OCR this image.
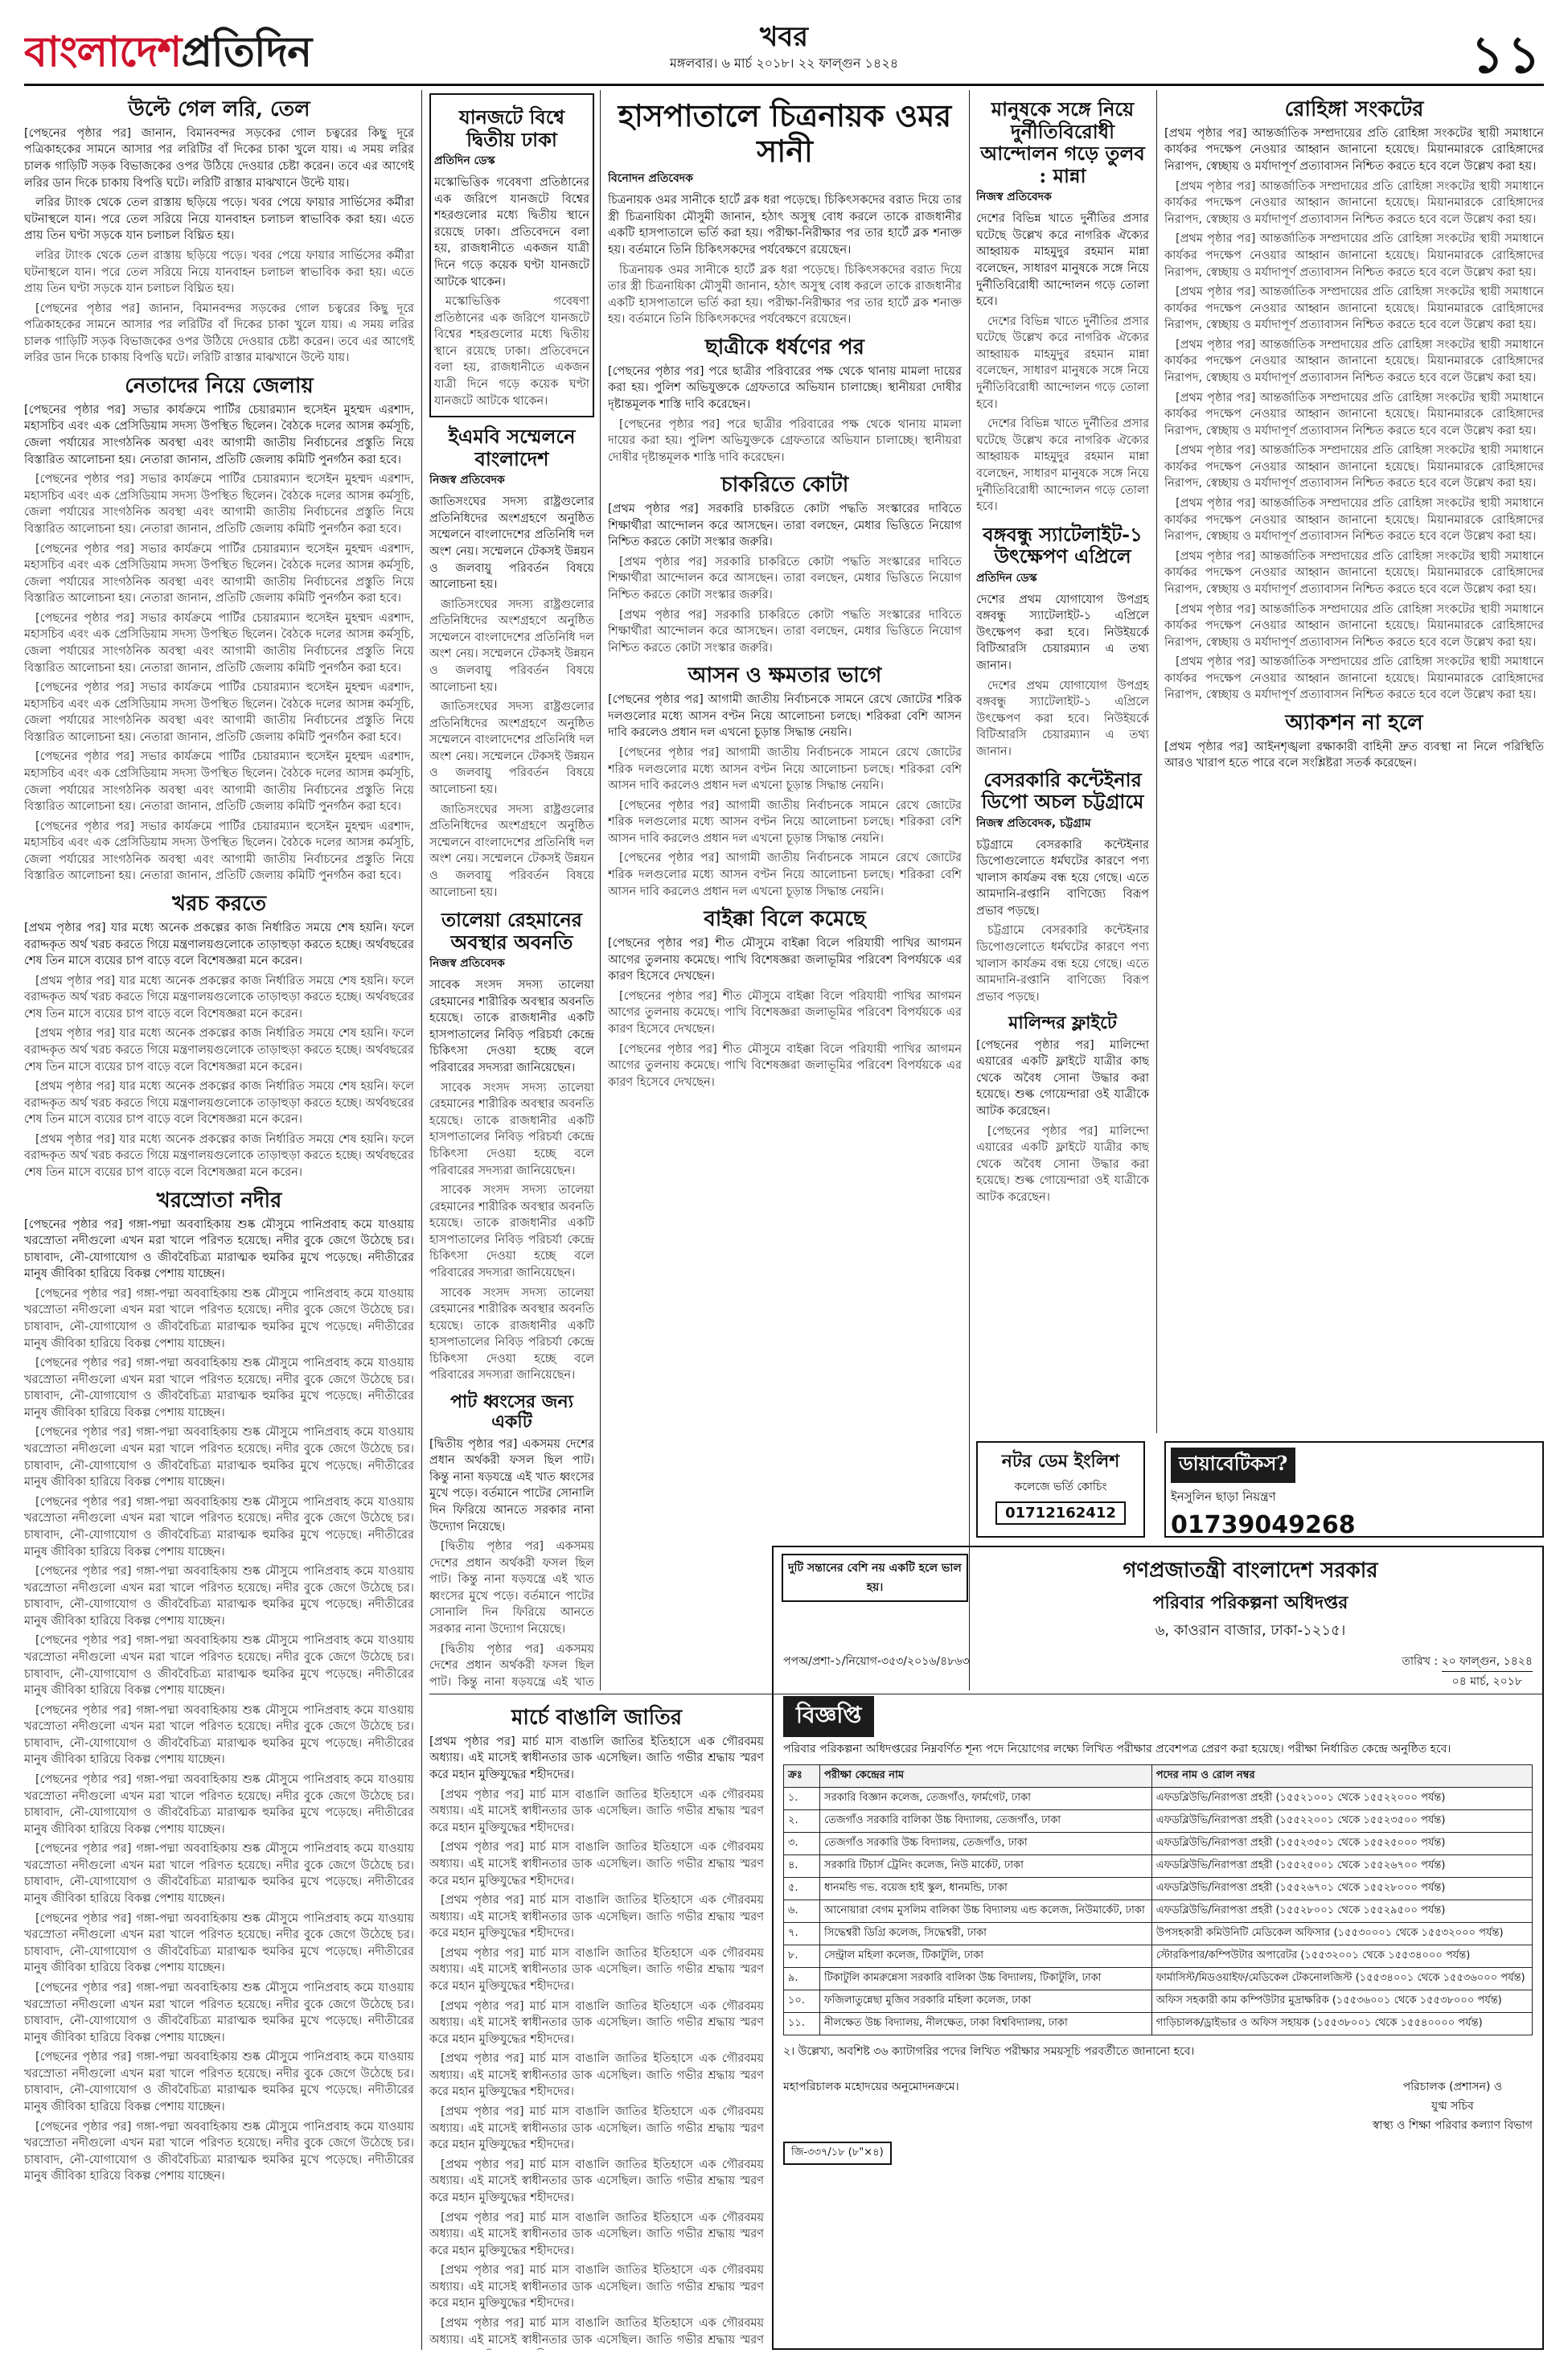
বাংলাদেশপ্রতিদিন	খবর
মঙ্গলবার। ৬ মার্চ ২০১৮। ২২ ফাল্গুন ১৪২৪	১১
উল্টে গেল লরি, তেল

[পেছনের পৃষ্ঠার পর] জানান, বিমানবন্দর সড়কের গোল চত্বরের কিছু দূরে পত্রিকাহকের সামনে আসার পর লরিটির বাঁ দিকের চাকা খুলে যায়। এ সময় লরির চালক গাড়িটি সড়ক বিভাজকের ওপর উঠিয়ে দেওয়ার চেষ্টা করেন। তবে এর আগেই লরির ডান দিকে চাকায় বিপত্তি ঘটে। লরিটি রাস্তার মাঝখানে উল্টে যায়।

লরির ট্যাংক থেকে তেল রাস্তায় ছড়িয়ে পড়ে। খবর পেয়ে ফায়ার সার্ভিসের কর্মীরা ঘটনাস্থলে যান। পরে তেল সরিয়ে নিয়ে যানবাহন চলাচল স্বাভাবিক করা হয়। এতে প্রায় তিন ঘণ্টা সড়কে যান চলাচল বিঘ্নিত হয়।

লরির ট্যাংক থেকে তেল রাস্তায় ছড়িয়ে পড়ে। খবর পেয়ে ফায়ার সার্ভিসের কর্মীরা ঘটনাস্থলে যান। পরে তেল সরিয়ে নিয়ে যানবাহন চলাচল স্বাভাবিক করা হয়। এতে প্রায় তিন ঘণ্টা সড়কে যান চলাচল বিঘ্নিত হয়।

[পেছনের পৃষ্ঠার পর] জানান, বিমানবন্দর সড়কের গোল চত্বরের কিছু দূরে পত্রিকাহকের সামনে আসার পর লরিটির বাঁ দিকের চাকা খুলে যায়। এ সময় লরির চালক গাড়িটি সড়ক বিভাজকের ওপর উঠিয়ে দেওয়ার চেষ্টা করেন। তবে এর আগেই লরির ডান দিকে চাকায় বিপত্তি ঘটে। লরিটি রাস্তার মাঝখানে উল্টে যায়।

নেতাদের নিয়ে জেলায়

[পেছনের পৃষ্ঠার পর] সভার কার্যক্রমে পার্টির চেয়ারম্যান হুসেইন মুহম্মদ এরশাদ, মহাসচিব এবং এক প্রেসিডিয়াম সদস্য উপস্থিত ছিলেন। বৈঠকে দলের আসন্ন কর্মসূচি, জেলা পর্যায়ের সাংগঠনিক অবস্থা এবং আগামী জাতীয় নির্বাচনের প্রস্তুতি নিয়ে বিস্তারিত আলোচনা হয়। নেতারা জানান, প্রতিটি জেলায় কমিটি পুনর্গঠন করা হবে।

[পেছনের পৃষ্ঠার পর] সভার কার্যক্রমে পার্টির চেয়ারম্যান হুসেইন মুহম্মদ এরশাদ, মহাসচিব এবং এক প্রেসিডিয়াম সদস্য উপস্থিত ছিলেন। বৈঠকে দলের আসন্ন কর্মসূচি, জেলা পর্যায়ের সাংগঠনিক অবস্থা এবং আগামী জাতীয় নির্বাচনের প্রস্তুতি নিয়ে বিস্তারিত আলোচনা হয়। নেতারা জানান, প্রতিটি জেলায় কমিটি পুনর্গঠন করা হবে।

[পেছনের পৃষ্ঠার পর] সভার কার্যক্রমে পার্টির চেয়ারম্যান হুসেইন মুহম্মদ এরশাদ, মহাসচিব এবং এক প্রেসিডিয়াম সদস্য উপস্থিত ছিলেন। বৈঠকে দলের আসন্ন কর্মসূচি, জেলা পর্যায়ের সাংগঠনিক অবস্থা এবং আগামী জাতীয় নির্বাচনের প্রস্তুতি নিয়ে বিস্তারিত আলোচনা হয়। নেতারা জানান, প্রতিটি জেলায় কমিটি পুনর্গঠন করা হবে।

[পেছনের পৃষ্ঠার পর] সভার কার্যক্রমে পার্টির চেয়ারম্যান হুসেইন মুহম্মদ এরশাদ, মহাসচিব এবং এক প্রেসিডিয়াম সদস্য উপস্থিত ছিলেন। বৈঠকে দলের আসন্ন কর্মসূচি, জেলা পর্যায়ের সাংগঠনিক অবস্থা এবং আগামী জাতীয় নির্বাচনের প্রস্তুতি নিয়ে বিস্তারিত আলোচনা হয়। নেতারা জানান, প্রতিটি জেলায় কমিটি পুনর্গঠন করা হবে।

[পেছনের পৃষ্ঠার পর] সভার কার্যক্রমে পার্টির চেয়ারম্যান হুসেইন মুহম্মদ এরশাদ, মহাসচিব এবং এক প্রেসিডিয়াম সদস্য উপস্থিত ছিলেন। বৈঠকে দলের আসন্ন কর্মসূচি, জেলা পর্যায়ের সাংগঠনিক অবস্থা এবং আগামী জাতীয় নির্বাচনের প্রস্তুতি নিয়ে বিস্তারিত আলোচনা হয়। নেতারা জানান, প্রতিটি জেলায় কমিটি পুনর্গঠন করা হবে।

[পেছনের পৃষ্ঠার পর] সভার কার্যক্রমে পার্টির চেয়ারম্যান হুসেইন মুহম্মদ এরশাদ, মহাসচিব এবং এক প্রেসিডিয়াম সদস্য উপস্থিত ছিলেন। বৈঠকে দলের আসন্ন কর্মসূচি, জেলা পর্যায়ের সাংগঠনিক অবস্থা এবং আগামী জাতীয় নির্বাচনের প্রস্তুতি নিয়ে বিস্তারিত আলোচনা হয়। নেতারা জানান, প্রতিটি জেলায় কমিটি পুনর্গঠন করা হবে।

[পেছনের পৃষ্ঠার পর] সভার কার্যক্রমে পার্টির চেয়ারম্যান হুসেইন মুহম্মদ এরশাদ, মহাসচিব এবং এক প্রেসিডিয়াম সদস্য উপস্থিত ছিলেন। বৈঠকে দলের আসন্ন কর্মসূচি, জেলা পর্যায়ের সাংগঠনিক অবস্থা এবং আগামী জাতীয় নির্বাচনের প্রস্তুতি নিয়ে বিস্তারিত আলোচনা হয়। নেতারা জানান, প্রতিটি জেলায় কমিটি পুনর্গঠন করা হবে।

খরচ করতে

[প্রথম পৃষ্ঠার পর] যার মধ্যে অনেক প্রকল্পের কাজ নির্ধারিত সময়ে শেষ হয়নি। ফলে বরাদ্দকৃত অর্থ খরচ করতে গিয়ে মন্ত্রণালয়গুলোকে তাড়াহুড়া করতে হচ্ছে। অর্থবছরের শেষ তিন মাসে ব্যয়ের চাপ বাড়ে বলে বিশেষজ্ঞরা মনে করেন।

[প্রথম পৃষ্ঠার পর] যার মধ্যে অনেক প্রকল্পের কাজ নির্ধারিত সময়ে শেষ হয়নি। ফলে বরাদ্দকৃত অর্থ খরচ করতে গিয়ে মন্ত্রণালয়গুলোকে তাড়াহুড়া করতে হচ্ছে। অর্থবছরের শেষ তিন মাসে ব্যয়ের চাপ বাড়ে বলে বিশেষজ্ঞরা মনে করেন।

[প্রথম পৃষ্ঠার পর] যার মধ্যে অনেক প্রকল্পের কাজ নির্ধারিত সময়ে শেষ হয়নি। ফলে বরাদ্দকৃত অর্থ খরচ করতে গিয়ে মন্ত্রণালয়গুলোকে তাড়াহুড়া করতে হচ্ছে। অর্থবছরের শেষ তিন মাসে ব্যয়ের চাপ বাড়ে বলে বিশেষজ্ঞরা মনে করেন।

[প্রথম পৃষ্ঠার পর] যার মধ্যে অনেক প্রকল্পের কাজ নির্ধারিত সময়ে শেষ হয়নি। ফলে বরাদ্দকৃত অর্থ খরচ করতে গিয়ে মন্ত্রণালয়গুলোকে তাড়াহুড়া করতে হচ্ছে। অর্থবছরের শেষ তিন মাসে ব্যয়ের চাপ বাড়ে বলে বিশেষজ্ঞরা মনে করেন।

[প্রথম পৃষ্ঠার পর] যার মধ্যে অনেক প্রকল্পের কাজ নির্ধারিত সময়ে শেষ হয়নি। ফলে বরাদ্দকৃত অর্থ খরচ করতে গিয়ে মন্ত্রণালয়গুলোকে তাড়াহুড়া করতে হচ্ছে। অর্থবছরের শেষ তিন মাসে ব্যয়ের চাপ বাড়ে বলে বিশেষজ্ঞরা মনে করেন।

খরস্রোতা নদীর

[পেছনের পৃষ্ঠার পর] গঙ্গা-পদ্মা অববাহিকায় শুষ্ক মৌসুমে পানিপ্রবাহ কমে যাওয়ায় খরস্রোতা নদীগুলো এখন মরা খালে পরিণত হয়েছে। নদীর বুকে জেগে উঠেছে চর। চাষাবাদ, নৌ-যোগাযোগ ও জীববৈচিত্র্য মারাত্মক হুমকির মুখে পড়েছে। নদীতীরের মানুষ জীবিকা হারিয়ে বিকল্প পেশায় যাচ্ছেন।

[পেছনের পৃষ্ঠার পর] গঙ্গা-পদ্মা অববাহিকায় শুষ্ক মৌসুমে পানিপ্রবাহ কমে যাওয়ায় খরস্রোতা নদীগুলো এখন মরা খালে পরিণত হয়েছে। নদীর বুকে জেগে উঠেছে চর। চাষাবাদ, নৌ-যোগাযোগ ও জীববৈচিত্র্য মারাত্মক হুমকির মুখে পড়েছে। নদীতীরের মানুষ জীবিকা হারিয়ে বিকল্প পেশায় যাচ্ছেন।

[পেছনের পৃষ্ঠার পর] গঙ্গা-পদ্মা অববাহিকায় শুষ্ক মৌসুমে পানিপ্রবাহ কমে যাওয়ায় খরস্রোতা নদীগুলো এখন মরা খালে পরিণত হয়েছে। নদীর বুকে জেগে উঠেছে চর। চাষাবাদ, নৌ-যোগাযোগ ও জীববৈচিত্র্য মারাত্মক হুমকির মুখে পড়েছে। নদীতীরের মানুষ জীবিকা হারিয়ে বিকল্প পেশায় যাচ্ছেন।

[পেছনের পৃষ্ঠার পর] গঙ্গা-পদ্মা অববাহিকায় শুষ্ক মৌসুমে পানিপ্রবাহ কমে যাওয়ায় খরস্রোতা নদীগুলো এখন মরা খালে পরিণত হয়েছে। নদীর বুকে জেগে উঠেছে চর। চাষাবাদ, নৌ-যোগাযোগ ও জীববৈচিত্র্য মারাত্মক হুমকির মুখে পড়েছে। নদীতীরের মানুষ জীবিকা হারিয়ে বিকল্প পেশায় যাচ্ছেন।

[পেছনের পৃষ্ঠার পর] গঙ্গা-পদ্মা অববাহিকায় শুষ্ক মৌসুমে পানিপ্রবাহ কমে যাওয়ায় খরস্রোতা নদীগুলো এখন মরা খালে পরিণত হয়েছে। নদীর বুকে জেগে উঠেছে চর। চাষাবাদ, নৌ-যোগাযোগ ও জীববৈচিত্র্য মারাত্মক হুমকির মুখে পড়েছে। নদীতীরের মানুষ জীবিকা হারিয়ে বিকল্প পেশায় যাচ্ছেন।

[পেছনের পৃষ্ঠার পর] গঙ্গা-পদ্মা অববাহিকায় শুষ্ক মৌসুমে পানিপ্রবাহ কমে যাওয়ায় খরস্রোতা নদীগুলো এখন মরা খালে পরিণত হয়েছে। নদীর বুকে জেগে উঠেছে চর। চাষাবাদ, নৌ-যোগাযোগ ও জীববৈচিত্র্য মারাত্মক হুমকির মুখে পড়েছে। নদীতীরের মানুষ জীবিকা হারিয়ে বিকল্প পেশায় যাচ্ছেন।

[পেছনের পৃষ্ঠার পর] গঙ্গা-পদ্মা অববাহিকায় শুষ্ক মৌসুমে পানিপ্রবাহ কমে যাওয়ায় খরস্রোতা নদীগুলো এখন মরা খালে পরিণত হয়েছে। নদীর বুকে জেগে উঠেছে চর। চাষাবাদ, নৌ-যোগাযোগ ও জীববৈচিত্র্য মারাত্মক হুমকির মুখে পড়েছে। নদীতীরের মানুষ জীবিকা হারিয়ে বিকল্প পেশায় যাচ্ছেন।

[পেছনের পৃষ্ঠার পর] গঙ্গা-পদ্মা অববাহিকায় শুষ্ক মৌসুমে পানিপ্রবাহ কমে যাওয়ায় খরস্রোতা নদীগুলো এখন মরা খালে পরিণত হয়েছে। নদীর বুকে জেগে উঠেছে চর। চাষাবাদ, নৌ-যোগাযোগ ও জীববৈচিত্র্য মারাত্মক হুমকির মুখে পড়েছে। নদীতীরের মানুষ জীবিকা হারিয়ে বিকল্প পেশায় যাচ্ছেন।

[পেছনের পৃষ্ঠার পর] গঙ্গা-পদ্মা অববাহিকায় শুষ্ক মৌসুমে পানিপ্রবাহ কমে যাওয়ায় খরস্রোতা নদীগুলো এখন মরা খালে পরিণত হয়েছে। নদীর বুকে জেগে উঠেছে চর। চাষাবাদ, নৌ-যোগাযোগ ও জীববৈচিত্র্য মারাত্মক হুমকির মুখে পড়েছে। নদীতীরের মানুষ জীবিকা হারিয়ে বিকল্প পেশায় যাচ্ছেন।

[পেছনের পৃষ্ঠার পর] গঙ্গা-পদ্মা অববাহিকায় শুষ্ক মৌসুমে পানিপ্রবাহ কমে যাওয়ায় খরস্রোতা নদীগুলো এখন মরা খালে পরিণত হয়েছে। নদীর বুকে জেগে উঠেছে চর। চাষাবাদ, নৌ-যোগাযোগ ও জীববৈচিত্র্য মারাত্মক হুমকির মুখে পড়েছে। নদীতীরের মানুষ জীবিকা হারিয়ে বিকল্প পেশায় যাচ্ছেন।

[পেছনের পৃষ্ঠার পর] গঙ্গা-পদ্মা অববাহিকায় শুষ্ক মৌসুমে পানিপ্রবাহ কমে যাওয়ায় খরস্রোতা নদীগুলো এখন মরা খালে পরিণত হয়েছে। নদীর বুকে জেগে উঠেছে চর। চাষাবাদ, নৌ-যোগাযোগ ও জীববৈচিত্র্য মারাত্মক হুমকির মুখে পড়েছে। নদীতীরের মানুষ জীবিকা হারিয়ে বিকল্প পেশায় যাচ্ছেন।

[পেছনের পৃষ্ঠার পর] গঙ্গা-পদ্মা অববাহিকায় শুষ্ক মৌসুমে পানিপ্রবাহ কমে যাওয়ায় খরস্রোতা নদীগুলো এখন মরা খালে পরিণত হয়েছে। নদীর বুকে জেগে উঠেছে চর। চাষাবাদ, নৌ-যোগাযোগ ও জীববৈচিত্র্য মারাত্মক হুমকির মুখে পড়েছে। নদীতীরের মানুষ জীবিকা হারিয়ে বিকল্প পেশায় যাচ্ছেন।

[পেছনের পৃষ্ঠার পর] গঙ্গা-পদ্মা অববাহিকায় শুষ্ক মৌসুমে পানিপ্রবাহ কমে যাওয়ায় খরস্রোতা নদীগুলো এখন মরা খালে পরিণত হয়েছে। নদীর বুকে জেগে উঠেছে চর। চাষাবাদ, নৌ-যোগাযোগ ও জীববৈচিত্র্য মারাত্মক হুমকির মুখে পড়েছে। নদীতীরের মানুষ জীবিকা হারিয়ে বিকল্প পেশায় যাচ্ছেন।

[পেছনের পৃষ্ঠার পর] গঙ্গা-পদ্মা অববাহিকায় শুষ্ক মৌসুমে পানিপ্রবাহ কমে যাওয়ায় খরস্রোতা নদীগুলো এখন মরা খালে পরিণত হয়েছে। নদীর বুকে জেগে উঠেছে চর। চাষাবাদ, নৌ-যোগাযোগ ও জীববৈচিত্র্য মারাত্মক হুমকির মুখে পড়েছে। নদীতীরের মানুষ জীবিকা হারিয়ে বিকল্প পেশায় যাচ্ছেন।

যানজটে বিশ্বে দ্বিতীয় ঢাকা
প্রতিদিন ডেস্ক

মস্কোভিত্তিক গবেষণা প্রতিষ্ঠানের এক জরিপে যানজটে বিশ্বের শহরগুলোর মধ্যে দ্বিতীয় স্থানে রয়েছে ঢাকা। প্রতিবেদনে বলা হয়, রাজধানীতে একজন যাত্রী দিনে গড়ে কয়েক ঘণ্টা যানজটে আটকে থাকেন।

মস্কোভিত্তিক গবেষণা প্রতিষ্ঠানের এক জরিপে যানজটে বিশ্বের শহরগুলোর মধ্যে দ্বিতীয় স্থানে রয়েছে ঢাকা। প্রতিবেদনে বলা হয়, রাজধানীতে একজন যাত্রী দিনে গড়ে কয়েক ঘণ্টা যানজটে আটকে থাকেন।

ইএমবি সম্মেলনে বাংলাদেশ
নিজস্ব প্রতিবেদক

জাতিসংঘের সদস্য রাষ্ট্রগুলোর প্রতিনিধিদের অংশগ্রহণে অনুষ্ঠিত সম্মেলনে বাংলাদেশের প্রতিনিধি দল অংশ নেয়। সম্মেলনে টেকসই উন্নয়ন ও জলবায়ু পরিবর্তন বিষয়ে আলোচনা হয়।

জাতিসংঘের সদস্য রাষ্ট্রগুলোর প্রতিনিধিদের অংশগ্রহণে অনুষ্ঠিত সম্মেলনে বাংলাদেশের প্রতিনিধি দল অংশ নেয়। সম্মেলনে টেকসই উন্নয়ন ও জলবায়ু পরিবর্তন বিষয়ে আলোচনা হয়।

জাতিসংঘের সদস্য রাষ্ট্রগুলোর প্রতিনিধিদের অংশগ্রহণে অনুষ্ঠিত সম্মেলনে বাংলাদেশের প্রতিনিধি দল অংশ নেয়। সম্মেলনে টেকসই উন্নয়ন ও জলবায়ু পরিবর্তন বিষয়ে আলোচনা হয়।

জাতিসংঘের সদস্য রাষ্ট্রগুলোর প্রতিনিধিদের অংশগ্রহণে অনুষ্ঠিত সম্মেলনে বাংলাদেশের প্রতিনিধি দল অংশ নেয়। সম্মেলনে টেকসই উন্নয়ন ও জলবায়ু পরিবর্তন বিষয়ে আলোচনা হয়।

তালেয়া রেহমানের অবস্থার অবনতি
নিজস্ব প্রতিবেদক

সাবেক সংসদ সদস্য তালেয়া রেহমানের শারীরিক অবস্থার অবনতি হয়েছে। তাকে রাজধানীর একটি হাসপাতালের নিবিড় পরিচর্যা কেন্দ্রে চিকিৎসা দেওয়া হচ্ছে বলে পরিবারের সদস্যরা জানিয়েছেন।

সাবেক সংসদ সদস্য তালেয়া রেহমানের শারীরিক অবস্থার অবনতি হয়েছে। তাকে রাজধানীর একটি হাসপাতালের নিবিড় পরিচর্যা কেন্দ্রে চিকিৎসা দেওয়া হচ্ছে বলে পরিবারের সদস্যরা জানিয়েছেন।

সাবেক সংসদ সদস্য তালেয়া রেহমানের শারীরিক অবস্থার অবনতি হয়েছে। তাকে রাজধানীর একটি হাসপাতালের নিবিড় পরিচর্যা কেন্দ্রে চিকিৎসা দেওয়া হচ্ছে বলে পরিবারের সদস্যরা জানিয়েছেন।

সাবেক সংসদ সদস্য তালেয়া রেহমানের শারীরিক অবস্থার অবনতি হয়েছে। তাকে রাজধানীর একটি হাসপাতালের নিবিড় পরিচর্যা কেন্দ্রে চিকিৎসা দেওয়া হচ্ছে বলে পরিবারের সদস্যরা জানিয়েছেন।

পাট ধ্বংসের জন্য একটি

[দ্বিতীয় পৃষ্ঠার পর] একসময় দেশের প্রধান অর্থকরী ফসল ছিল পাট। কিন্তু নানা ষড়যন্ত্রে এই খাত ধ্বংসের মুখে পড়ে। বর্তমানে পাটের সোনালি দিন ফিরিয়ে আনতে সরকার নানা উদ্যোগ নিয়েছে।

[দ্বিতীয় পৃষ্ঠার পর] একসময় দেশের প্রধান অর্থকরী ফসল ছিল পাট। কিন্তু নানা ষড়যন্ত্রে এই খাত ধ্বংসের মুখে পড়ে। বর্তমানে পাটের সোনালি দিন ফিরিয়ে আনতে সরকার নানা উদ্যোগ নিয়েছে।

[দ্বিতীয় পৃষ্ঠার পর] একসময় দেশের প্রধান অর্থকরী ফসল ছিল পাট। কিন্তু নানা ষড়যন্ত্রে এই খাত

হাসপাতালে চিত্রনায়ক ওমর সানী
বিনোদন প্রতিবেদক

চিত্রনায়ক ওমর সানীকে হার্টে ব্লক ধরা পড়েছে। চিকিৎসকদের বরাত দিয়ে তার স্ত্রী চিত্রনায়িকা মৌসুমী জানান, হঠাৎ অসুস্থ বোধ করলে তাকে রাজধানীর একটি হাসপাতালে ভর্তি করা হয়। পরীক্ষা-নিরীক্ষার পর তার হার্টে ব্লক শনাক্ত হয়। বর্তমানে তিনি চিকিৎসকদের পর্যবেক্ষণে রয়েছেন।

চিত্রনায়ক ওমর সানীকে হার্টে ব্লক ধরা পড়েছে। চিকিৎসকদের বরাত দিয়ে তার স্ত্রী চিত্রনায়িকা মৌসুমী জানান, হঠাৎ অসুস্থ বোধ করলে তাকে রাজধানীর একটি হাসপাতালে ভর্তি করা হয়। পরীক্ষা-নিরীক্ষার পর তার হার্টে ব্লক শনাক্ত হয়। বর্তমানে তিনি চিকিৎসকদের পর্যবেক্ষণে রয়েছেন।

ছাত্রীকে ধর্ষণের পর

[পেছনের পৃষ্ঠার পর] পরে ছাত্রীর পরিবারের পক্ষ থেকে থানায় মামলা দায়ের করা হয়। পুলিশ অভিযুক্তকে গ্রেফতারে অভিযান চালাচ্ছে। স্থানীয়রা দোষীর দৃষ্টান্তমূলক শাস্তি দাবি করেছেন।

[পেছনের পৃষ্ঠার পর] পরে ছাত্রীর পরিবারের পক্ষ থেকে থানায় মামলা দায়ের করা হয়। পুলিশ অভিযুক্তকে গ্রেফতারে অভিযান চালাচ্ছে। স্থানীয়রা দোষীর দৃষ্টান্তমূলক শাস্তি দাবি করেছেন।

চাকরিতে কোটা

[প্রথম পৃষ্ঠার পর] সরকারি চাকরিতে কোটা পদ্ধতি সংস্কারের দাবিতে শিক্ষার্থীরা আন্দোলন করে আসছেন। তারা বলছেন, মেধার ভিত্তিতে নিয়োগ নিশ্চিত করতে কোটা সংস্কার জরুরি।

[প্রথম পৃষ্ঠার পর] সরকারি চাকরিতে কোটা পদ্ধতি সংস্কারের দাবিতে শিক্ষার্থীরা আন্দোলন করে আসছেন। তারা বলছেন, মেধার ভিত্তিতে নিয়োগ নিশ্চিত করতে কোটা সংস্কার জরুরি।

[প্রথম পৃষ্ঠার পর] সরকারি চাকরিতে কোটা পদ্ধতি সংস্কারের দাবিতে শিক্ষার্থীরা আন্দোলন করে আসছেন। তারা বলছেন, মেধার ভিত্তিতে নিয়োগ নিশ্চিত করতে কোটা সংস্কার জরুরি।

আসন ও ক্ষমতার ভাগে

[পেছনের পৃষ্ঠার পর] আগামী জাতীয় নির্বাচনকে সামনে রেখে জোটের শরিক দলগুলোর মধ্যে আসন বণ্টন নিয়ে আলোচনা চলছে। শরিকরা বেশি আসন দাবি করলেও প্রধান দল এখনো চূড়ান্ত সিদ্ধান্ত নেয়নি।

[পেছনের পৃষ্ঠার পর] আগামী জাতীয় নির্বাচনকে সামনে রেখে জোটের শরিক দলগুলোর মধ্যে আসন বণ্টন নিয়ে আলোচনা চলছে। শরিকরা বেশি আসন দাবি করলেও প্রধান দল এখনো চূড়ান্ত সিদ্ধান্ত নেয়নি।

[পেছনের পৃষ্ঠার পর] আগামী জাতীয় নির্বাচনকে সামনে রেখে জোটের শরিক দলগুলোর মধ্যে আসন বণ্টন নিয়ে আলোচনা চলছে। শরিকরা বেশি আসন দাবি করলেও প্রধান দল এখনো চূড়ান্ত সিদ্ধান্ত নেয়নি।

[পেছনের পৃষ্ঠার পর] আগামী জাতীয় নির্বাচনকে সামনে রেখে জোটের শরিক দলগুলোর মধ্যে আসন বণ্টন নিয়ে আলোচনা চলছে। শরিকরা বেশি আসন দাবি করলেও প্রধান দল এখনো চূড়ান্ত সিদ্ধান্ত নেয়নি।

বাইক্কা বিলে কমেছে

[পেছনের পৃষ্ঠার পর] শীত মৌসুমে বাইক্কা বিলে পরিযায়ী পাখির আগমন আগের তুলনায় কমেছে। পাখি বিশেষজ্ঞরা জলাভূমির পরিবেশ বিপর্যয়কে এর কারণ হিসেবে দেখছেন।

[পেছনের পৃষ্ঠার পর] শীত মৌসুমে বাইক্কা বিলে পরিযায়ী পাখির আগমন আগের তুলনায় কমেছে। পাখি বিশেষজ্ঞরা জলাভূমির পরিবেশ বিপর্যয়কে এর কারণ হিসেবে দেখছেন।

[পেছনের পৃষ্ঠার পর] শীত মৌসুমে বাইক্কা বিলে পরিযায়ী পাখির আগমন আগের তুলনায় কমেছে। পাখি বিশেষজ্ঞরা জলাভূমির পরিবেশ বিপর্যয়কে এর কারণ হিসেবে দেখছেন।

মানুষকে সঙ্গে নিয়ে দুর্নীতিবিরোধী আন্দোলন গড়ে তুলব : মান্না
নিজস্ব প্রতিবেদক

দেশের বিভিন্ন খাতে দুর্নীতির প্রসার ঘটেছে উল্লেখ করে নাগরিক ঐক্যের আহ্বায়ক মাহমুদুর রহমান মান্না বলেছেন, সাধারণ মানুষকে সঙ্গে নিয়ে দুর্নীতিবিরোধী আন্দোলন গড়ে তোলা হবে।

দেশের বিভিন্ন খাতে দুর্নীতির প্রসার ঘটেছে উল্লেখ করে নাগরিক ঐক্যের আহ্বায়ক মাহমুদুর রহমান মান্না বলেছেন, সাধারণ মানুষকে সঙ্গে নিয়ে দুর্নীতিবিরোধী আন্দোলন গড়ে তোলা হবে।

দেশের বিভিন্ন খাতে দুর্নীতির প্রসার ঘটেছে উল্লেখ করে নাগরিক ঐক্যের আহ্বায়ক মাহমুদুর রহমান মান্না বলেছেন, সাধারণ মানুষকে সঙ্গে নিয়ে দুর্নীতিবিরোধী আন্দোলন গড়ে তোলা হবে।

বঙ্গবন্ধু স্যাটেলাইট-১ উৎক্ষেপণ এপ্রিলে
প্রতিদিন ডেস্ক

দেশের প্রথম যোগাযোগ উপগ্রহ বঙ্গবন্ধু স্যাটেলাইট-১ এপ্রিলে উৎক্ষেপণ করা হবে। নিউইয়র্কে বিটিআরসি চেয়ারম্যান এ তথ্য জানান।

দেশের প্রথম যোগাযোগ উপগ্রহ বঙ্গবন্ধু স্যাটেলাইট-১ এপ্রিলে উৎক্ষেপণ করা হবে। নিউইয়র্কে বিটিআরসি চেয়ারম্যান এ তথ্য জানান।

বেসরকারি কন্টেইনার ডিপো অচল চট্টগ্রামে
নিজস্ব প্রতিবেদক, চট্টগ্রাম

চট্টগ্রামে বেসরকারি কন্টেইনার ডিপোগুলোতে ধর্মঘটের কারণে পণ্য খালাস কার্যক্রম বন্ধ হয়ে গেছে। এতে আমদানি-রপ্তানি বাণিজ্যে বিরূপ প্রভাব পড়ছে।

চট্টগ্রামে বেসরকারি কন্টেইনার ডিপোগুলোতে ধর্মঘটের কারণে পণ্য খালাস কার্যক্রম বন্ধ হয়ে গেছে। এতে আমদানি-রপ্তানি বাণিজ্যে বিরূপ প্রভাব পড়ছে।

মালিন্দর ফ্লাইটে

[পেছনের পৃষ্ঠার পর] মালিন্দো এয়ারের একটি ফ্লাইটে যাত্রীর কাছ থেকে অবৈধ সোনা উদ্ধার করা হয়েছে। শুল্ক গোয়েন্দারা ওই যাত্রীকে আটক করেছেন।

[পেছনের পৃষ্ঠার পর] মালিন্দো এয়ারের একটি ফ্লাইটে যাত্রীর কাছ থেকে অবৈধ সোনা উদ্ধার করা হয়েছে। শুল্ক গোয়েন্দারা ওই যাত্রীকে আটক করেছেন।

রোহিঙ্গা সংকটের

[প্রথম পৃষ্ঠার পর] আন্তর্জাতিক সম্প্রদায়ের প্রতি রোহিঙ্গা সংকটের স্থায়ী সমাধানে কার্যকর পদক্ষেপ নেওয়ার আহ্বান জানানো হয়েছে। মিয়ানমারকে রোহিঙ্গাদের নিরাপদ, স্বেচ্ছায় ও মর্যাদাপূর্ণ প্রত্যাবাসন নিশ্চিত করতে হবে বলে উল্লেখ করা হয়।

[প্রথম পৃষ্ঠার পর] আন্তর্জাতিক সম্প্রদায়ের প্রতি রোহিঙ্গা সংকটের স্থায়ী সমাধানে কার্যকর পদক্ষেপ নেওয়ার আহ্বান জানানো হয়েছে। মিয়ানমারকে রোহিঙ্গাদের নিরাপদ, স্বেচ্ছায় ও মর্যাদাপূর্ণ প্রত্যাবাসন নিশ্চিত করতে হবে বলে উল্লেখ করা হয়।

[প্রথম পৃষ্ঠার পর] আন্তর্জাতিক সম্প্রদায়ের প্রতি রোহিঙ্গা সংকটের স্থায়ী সমাধানে কার্যকর পদক্ষেপ নেওয়ার আহ্বান জানানো হয়েছে। মিয়ানমারকে রোহিঙ্গাদের নিরাপদ, স্বেচ্ছায় ও মর্যাদাপূর্ণ প্রত্যাবাসন নিশ্চিত করতে হবে বলে উল্লেখ করা হয়।

[প্রথম পৃষ্ঠার পর] আন্তর্জাতিক সম্প্রদায়ের প্রতি রোহিঙ্গা সংকটের স্থায়ী সমাধানে কার্যকর পদক্ষেপ নেওয়ার আহ্বান জানানো হয়েছে। মিয়ানমারকে রোহিঙ্গাদের নিরাপদ, স্বেচ্ছায় ও মর্যাদাপূর্ণ প্রত্যাবাসন নিশ্চিত করতে হবে বলে উল্লেখ করা হয়।

[প্রথম পৃষ্ঠার পর] আন্তর্জাতিক সম্প্রদায়ের প্রতি রোহিঙ্গা সংকটের স্থায়ী সমাধানে কার্যকর পদক্ষেপ নেওয়ার আহ্বান জানানো হয়েছে। মিয়ানমারকে রোহিঙ্গাদের নিরাপদ, স্বেচ্ছায় ও মর্যাদাপূর্ণ প্রত্যাবাসন নিশ্চিত করতে হবে বলে উল্লেখ করা হয়।

[প্রথম পৃষ্ঠার পর] আন্তর্জাতিক সম্প্রদায়ের প্রতি রোহিঙ্গা সংকটের স্থায়ী সমাধানে কার্যকর পদক্ষেপ নেওয়ার আহ্বান জানানো হয়েছে। মিয়ানমারকে রোহিঙ্গাদের নিরাপদ, স্বেচ্ছায় ও মর্যাদাপূর্ণ প্রত্যাবাসন নিশ্চিত করতে হবে বলে উল্লেখ করা হয়।

[প্রথম পৃষ্ঠার পর] আন্তর্জাতিক সম্প্রদায়ের প্রতি রোহিঙ্গা সংকটের স্থায়ী সমাধানে কার্যকর পদক্ষেপ নেওয়ার আহ্বান জানানো হয়েছে। মিয়ানমারকে রোহিঙ্গাদের নিরাপদ, স্বেচ্ছায় ও মর্যাদাপূর্ণ প্রত্যাবাসন নিশ্চিত করতে হবে বলে উল্লেখ করা হয়।

[প্রথম পৃষ্ঠার পর] আন্তর্জাতিক সম্প্রদায়ের প্রতি রোহিঙ্গা সংকটের স্থায়ী সমাধানে কার্যকর পদক্ষেপ নেওয়ার আহ্বান জানানো হয়েছে। মিয়ানমারকে রোহিঙ্গাদের নিরাপদ, স্বেচ্ছায় ও মর্যাদাপূর্ণ প্রত্যাবাসন নিশ্চিত করতে হবে বলে উল্লেখ করা হয়।

[প্রথম পৃষ্ঠার পর] আন্তর্জাতিক সম্প্রদায়ের প্রতি রোহিঙ্গা সংকটের স্থায়ী সমাধানে কার্যকর পদক্ষেপ নেওয়ার আহ্বান জানানো হয়েছে। মিয়ানমারকে রোহিঙ্গাদের নিরাপদ, স্বেচ্ছায় ও মর্যাদাপূর্ণ প্রত্যাবাসন নিশ্চিত করতে হবে বলে উল্লেখ করা হয়।

[প্রথম পৃষ্ঠার পর] আন্তর্জাতিক সম্প্রদায়ের প্রতি রোহিঙ্গা সংকটের স্থায়ী সমাধানে কার্যকর পদক্ষেপ নেওয়ার আহ্বান জানানো হয়েছে। মিয়ানমারকে রোহিঙ্গাদের নিরাপদ, স্বেচ্ছায় ও মর্যাদাপূর্ণ প্রত্যাবাসন নিশ্চিত করতে হবে বলে উল্লেখ করা হয়।

[প্রথম পৃষ্ঠার পর] আন্তর্জাতিক সম্প্রদায়ের প্রতি রোহিঙ্গা সংকটের স্থায়ী সমাধানে কার্যকর পদক্ষেপ নেওয়ার আহ্বান জানানো হয়েছে। মিয়ানমারকে রোহিঙ্গাদের নিরাপদ, স্বেচ্ছায় ও মর্যাদাপূর্ণ প্রত্যাবাসন নিশ্চিত করতে হবে বলে উল্লেখ করা হয়।

অ্যাকশন না হলে

[প্রথম পৃষ্ঠার পর] আইনশৃঙ্খলা রক্ষাকারী বাহিনী দ্রুত ব্যবস্থা না নিলে পরিস্থিতি আরও খারাপ হতে পারে বলে সংশ্লিষ্টরা সতর্ক করেছেন।

নটর ডেম ইংলিশ
কলেজে ভর্তি কোচিং
01712162412
ডায়াবেটিকস?
ইনসুলিন ছাড়া নিয়ন্ত্রণ
01739049268
দুটি সন্তানের বেশি নয় একটি হলে ভাল হয়।
গণপ্রজাতন্ত্রী বাংলাদেশ সরকার
পরিবার পরিকল্পনা অধিদপ্তর
৬, কাওরান বাজার, ঢাকা-১২১৫।
পপঅ/প্রশা-১/নিয়োগ-৩৫৩/২০১৬/৪৮৬৩	তারিখ : ২০ ফাল্গুন, ১৪২৪
০৪ মার্চ, ২০১৮
বিজ্ঞপ্তি

পরিবার পরিকল্পনা অধিদপ্তরের নিম্নবর্ণিত শূন্য পদে নিয়োগের লক্ষ্যে লিখিত পরীক্ষার প্রবেশপত্র প্রেরণ করা হয়েছে। পরীক্ষা নির্ধারিত কেন্দ্রে অনুষ্ঠিত হবে।

ক্রঃ	পরীক্ষা কেন্দ্রের নাম	পদের নাম ও রোল নম্বর
১.	সরকারি বিজ্ঞান কলেজ, তেজগাঁও, ফার্মগেট, ঢাকা	এফডব্লিউভি/নিরাপত্তা প্রহরী (১৫৫২১০০১ থেকে ১৫৫২২০০০ পর্যন্ত)
২.	তেজগাঁও সরকারি বালিকা উচ্চ বিদ্যালয়, তেজগাঁও, ঢাকা	এফডব্লিউভি/নিরাপত্তা প্রহরী (১৫৫২২০০১ থেকে ১৫৫২৩৫০০ পর্যন্ত)
৩.	তেজগাঁও সরকারি উচ্চ বিদ্যালয়, তেজগাঁও, ঢাকা	এফডব্লিউভি/নিরাপত্তা প্রহরী (১৫৫২৩৫০১ থেকে ১৫৫২৫০০০ পর্যন্ত)
৪.	সরকারি টিচার্স ট্রেনিং কলেজ, নিউ মার্কেট, ঢাকা	এফডব্লিউভি/নিরাপত্তা প্রহরী (১৫৫২৫০০১ থেকে ১৫৫২৬৭০০ পর্যন্ত)
৫.	ধানমন্ডি গভ. বয়েজ হাই স্কুল, ধানমন্ডি, ঢাকা	এফডব্লিউভি/নিরাপত্তা প্রহরী (১৫৫২৬৭০১ থেকে ১৫৫২৮০০০ পর্যন্ত)
৬.	আনোয়ারা বেগম মুসলিম বালিকা উচ্চ বিদ্যালয় এন্ড কলেজ, নিউমার্কেট, ঢাকা	এফডব্লিউভি/নিরাপত্তা প্রহরী (১৫৫২৮০০১ থেকে ১৫৫২৯৫০০ পর্যন্ত)
৭.	সিদ্ধেশ্বরী ডিগ্রি কলেজ, সিদ্ধেশ্বরী, ঢাকা	উপসহকারী কমিউনিটি মেডিকেল অফিসার (১৫৫৩০০০১ থেকে ১৫৫৩২০০০ পর্যন্ত)
৮.	সেন্ট্রাল মহিলা কলেজ, টিকাটুলি, ঢাকা	স্টোরকিপার/কম্পিউটার অপারেটর (১৫৫৩২০০১ থেকে ১৫৫৩৪০০০ পর্যন্ত)
৯.	টিকাটুলি কামরুন্নেসা সরকারি বালিকা উচ্চ বিদ্যালয়, টিকাটুলি, ঢাকা	ফার্মাসিস্ট/মিডওয়াইফ/মেডিকেল টেকনোলজিস্ট (১৫৫৩৪০০১ থেকে ১৫৫৩৬০০০ পর্যন্ত)
১০.	ফজিলাতুন্নেছা মুজিব সরকারি মহিলা কলেজ, ঢাকা	অফিস সহকারী কাম কম্পিউটার মুদ্রাক্ষরিক (১৫৫৩৬০০১ থেকে ১৫৫৩৮০০০ পর্যন্ত)
১১.	নীলক্ষেত উচ্চ বিদ্যালয়, নীলক্ষেত, ঢাকা বিশ্ববিদ্যালয়, ঢাকা	গাড়িচালক/ড্রাইভার ও অফিস সহায়ক (১৫৫৩৮০০১ থেকে ১৫৫৪০০০০ পর্যন্ত)

২। উল্লেখ্য, অবশিষ্ট ৩৬ ক্যাটাগরির পদের লিখিত পরীক্ষার সময়সূচি পরবর্তীতে জানানো হবে।

মহাপরিচালক মহোদয়ের অনুমোদনক্রমে।	পরিচালক (প্রশাসন) ও
যুগ্ম সচিব
স্বাস্থ্য ও শিক্ষা পরিবার কল্যাণ বিভাগ
জি-৩৩৭/১৮ (৮"×৪)
মার্চে বাঙালি জাতির

[প্রথম পৃষ্ঠার পর] মার্চ মাস বাঙালি জাতির ইতিহাসে এক গৌরবময় অধ্যায়। এই মাসেই স্বাধীনতার ডাক এসেছিল। জাতি গভীর শ্রদ্ধায় স্মরণ করে মহান মুক্তিযুদ্ধের শহীদদের।

[প্রথম পৃষ্ঠার পর] মার্চ মাস বাঙালি জাতির ইতিহাসে এক গৌরবময় অধ্যায়। এই মাসেই স্বাধীনতার ডাক এসেছিল। জাতি গভীর শ্রদ্ধায় স্মরণ করে মহান মুক্তিযুদ্ধের শহীদদের।

[প্রথম পৃষ্ঠার পর] মার্চ মাস বাঙালি জাতির ইতিহাসে এক গৌরবময় অধ্যায়। এই মাসেই স্বাধীনতার ডাক এসেছিল। জাতি গভীর শ্রদ্ধায় স্মরণ করে মহান মুক্তিযুদ্ধের শহীদদের।

[প্রথম পৃষ্ঠার পর] মার্চ মাস বাঙালি জাতির ইতিহাসে এক গৌরবময় অধ্যায়। এই মাসেই স্বাধীনতার ডাক এসেছিল। জাতি গভীর শ্রদ্ধায় স্মরণ করে মহান মুক্তিযুদ্ধের শহীদদের।

[প্রথম পৃষ্ঠার পর] মার্চ মাস বাঙালি জাতির ইতিহাসে এক গৌরবময় অধ্যায়। এই মাসেই স্বাধীনতার ডাক এসেছিল। জাতি গভীর শ্রদ্ধায় স্মরণ করে মহান মুক্তিযুদ্ধের শহীদদের।

[প্রথম পৃষ্ঠার পর] মার্চ মাস বাঙালি জাতির ইতিহাসে এক গৌরবময় অধ্যায়। এই মাসেই স্বাধীনতার ডাক এসেছিল। জাতি গভীর শ্রদ্ধায় স্মরণ করে মহান মুক্তিযুদ্ধের শহীদদের।

[প্রথম পৃষ্ঠার পর] মার্চ মাস বাঙালি জাতির ইতিহাসে এক গৌরবময় অধ্যায়। এই মাসেই স্বাধীনতার ডাক এসেছিল। জাতি গভীর শ্রদ্ধায় স্মরণ করে মহান মুক্তিযুদ্ধের শহীদদের।

[প্রথম পৃষ্ঠার পর] মার্চ মাস বাঙালি জাতির ইতিহাসে এক গৌরবময় অধ্যায়। এই মাসেই স্বাধীনতার ডাক এসেছিল। জাতি গভীর শ্রদ্ধায় স্মরণ করে মহান মুক্তিযুদ্ধের শহীদদের।

[প্রথম পৃষ্ঠার পর] মার্চ মাস বাঙালি জাতির ইতিহাসে এক গৌরবময় অধ্যায়। এই মাসেই স্বাধীনতার ডাক এসেছিল। জাতি গভীর শ্রদ্ধায় স্মরণ করে মহান মুক্তিযুদ্ধের শহীদদের।

[প্রথম পৃষ্ঠার পর] মার্চ মাস বাঙালি জাতির ইতিহাসে এক গৌরবময় অধ্যায়। এই মাসেই স্বাধীনতার ডাক এসেছিল। জাতি গভীর শ্রদ্ধায় স্মরণ করে মহান মুক্তিযুদ্ধের শহীদদের।

[প্রথম পৃষ্ঠার পর] মার্চ মাস বাঙালি জাতির ইতিহাসে এক গৌরবময় অধ্যায়। এই মাসেই স্বাধীনতার ডাক এসেছিল। জাতি গভীর শ্রদ্ধায় স্মরণ করে মহান মুক্তিযুদ্ধের শহীদদের।

[প্রথম পৃষ্ঠার পর] মার্চ মাস বাঙালি জাতির ইতিহাসে এক গৌরবময় অধ্যায়। এই মাসেই স্বাধীনতার ডাক এসেছিল। জাতি গভীর শ্রদ্ধায় স্মরণ
